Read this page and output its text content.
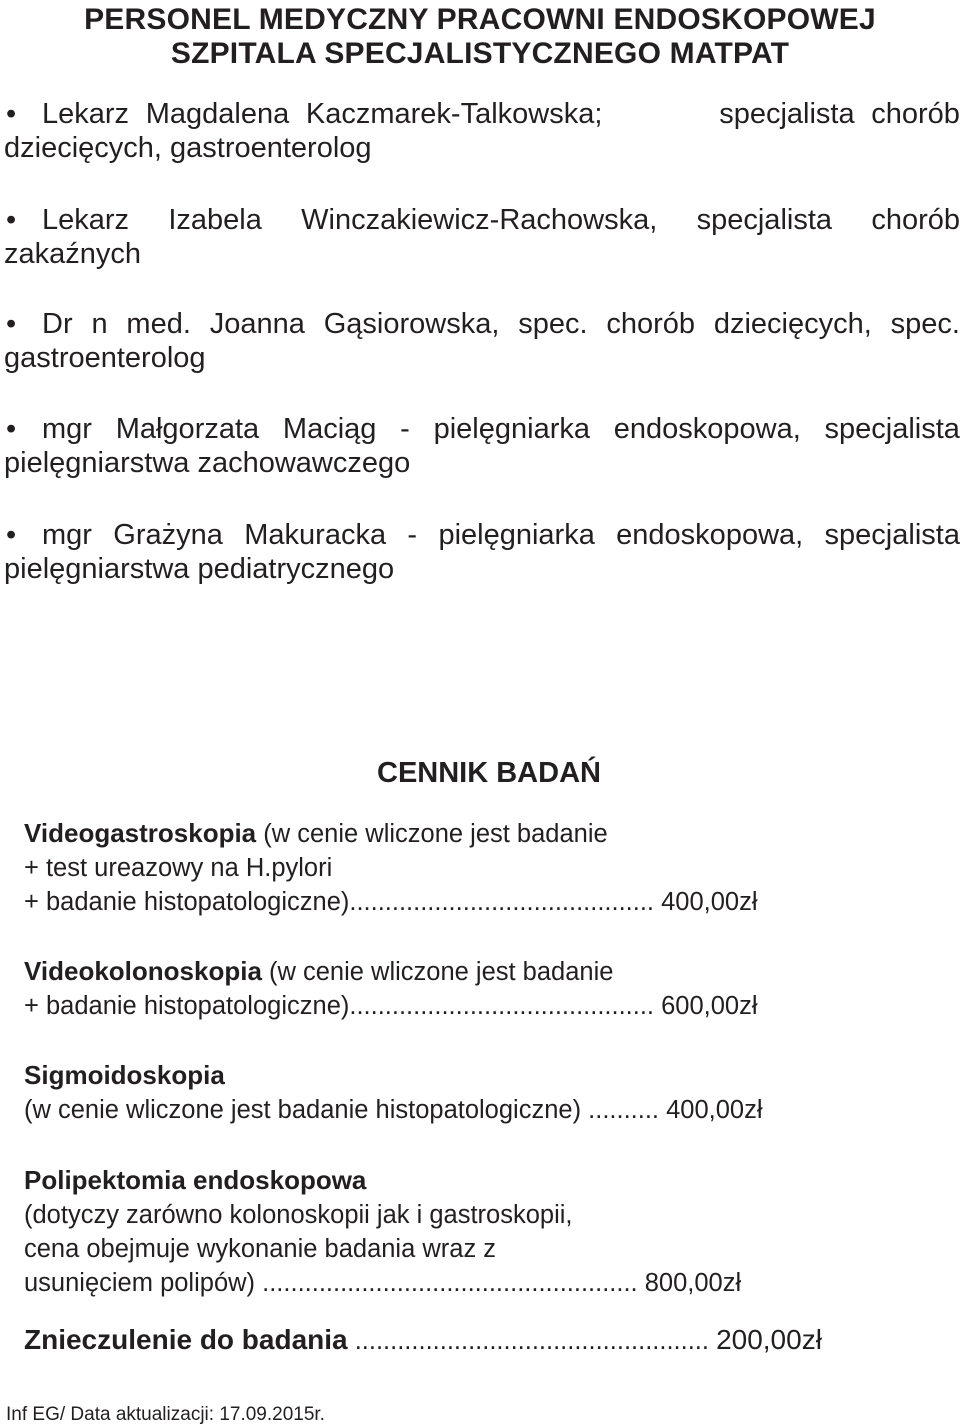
PERSONEL MEDYCZNY PRACOWNI ENDOSKOPOWEJ
SZPITALA SPECJALISTYCZNEGO MATPAT
• Lekarz Magdalena Kaczmarek-Talkowska;	specjalista chorób
dziecięcych, gastroenterolog
• Lekarz Izabela Winczakiewicz-Rachowska, specjalista chorób
zakaźnych
• Dr n med. Joanna Gąsiorowska, spec. chorób dziecięcych, spec.
gastroenterolog
• mgr Małgorzata Maciąg - pielęgniarka endoskopowa, specjalista
pielęgniarstwa zachowawczego
• mgr Grażyna Makuracka - pielęgniarka endoskopowa, specjalista
pielęgniarstwa pediatrycznego
CENNIK BADAŃ
Videogastroskopia (w cenie wliczone jest badanie
+ test ureazowy na H.pylori
+ badanie histopatologiczne)........................................... 400,00zł
Videokolonoskopia (w cenie wliczone jest badanie
+ badanie histopatologiczne)........................................... 600,00zł
Sigmoidoskopia
(w cenie wliczone jest badanie histopatologiczne) .......... 400,00zł
Polipektomia endoskopowa
(dotyczy zarówno kolonoskopii jak i gastroskopii,
cena obejmuje wykonanie badania wraz z
usunięciem polipów) ..................................................... 800,00zł
Znieczulenie do badania .................................................. 200,00zł
Inf EG/ Data aktualizacji: 17.09.2015r.
